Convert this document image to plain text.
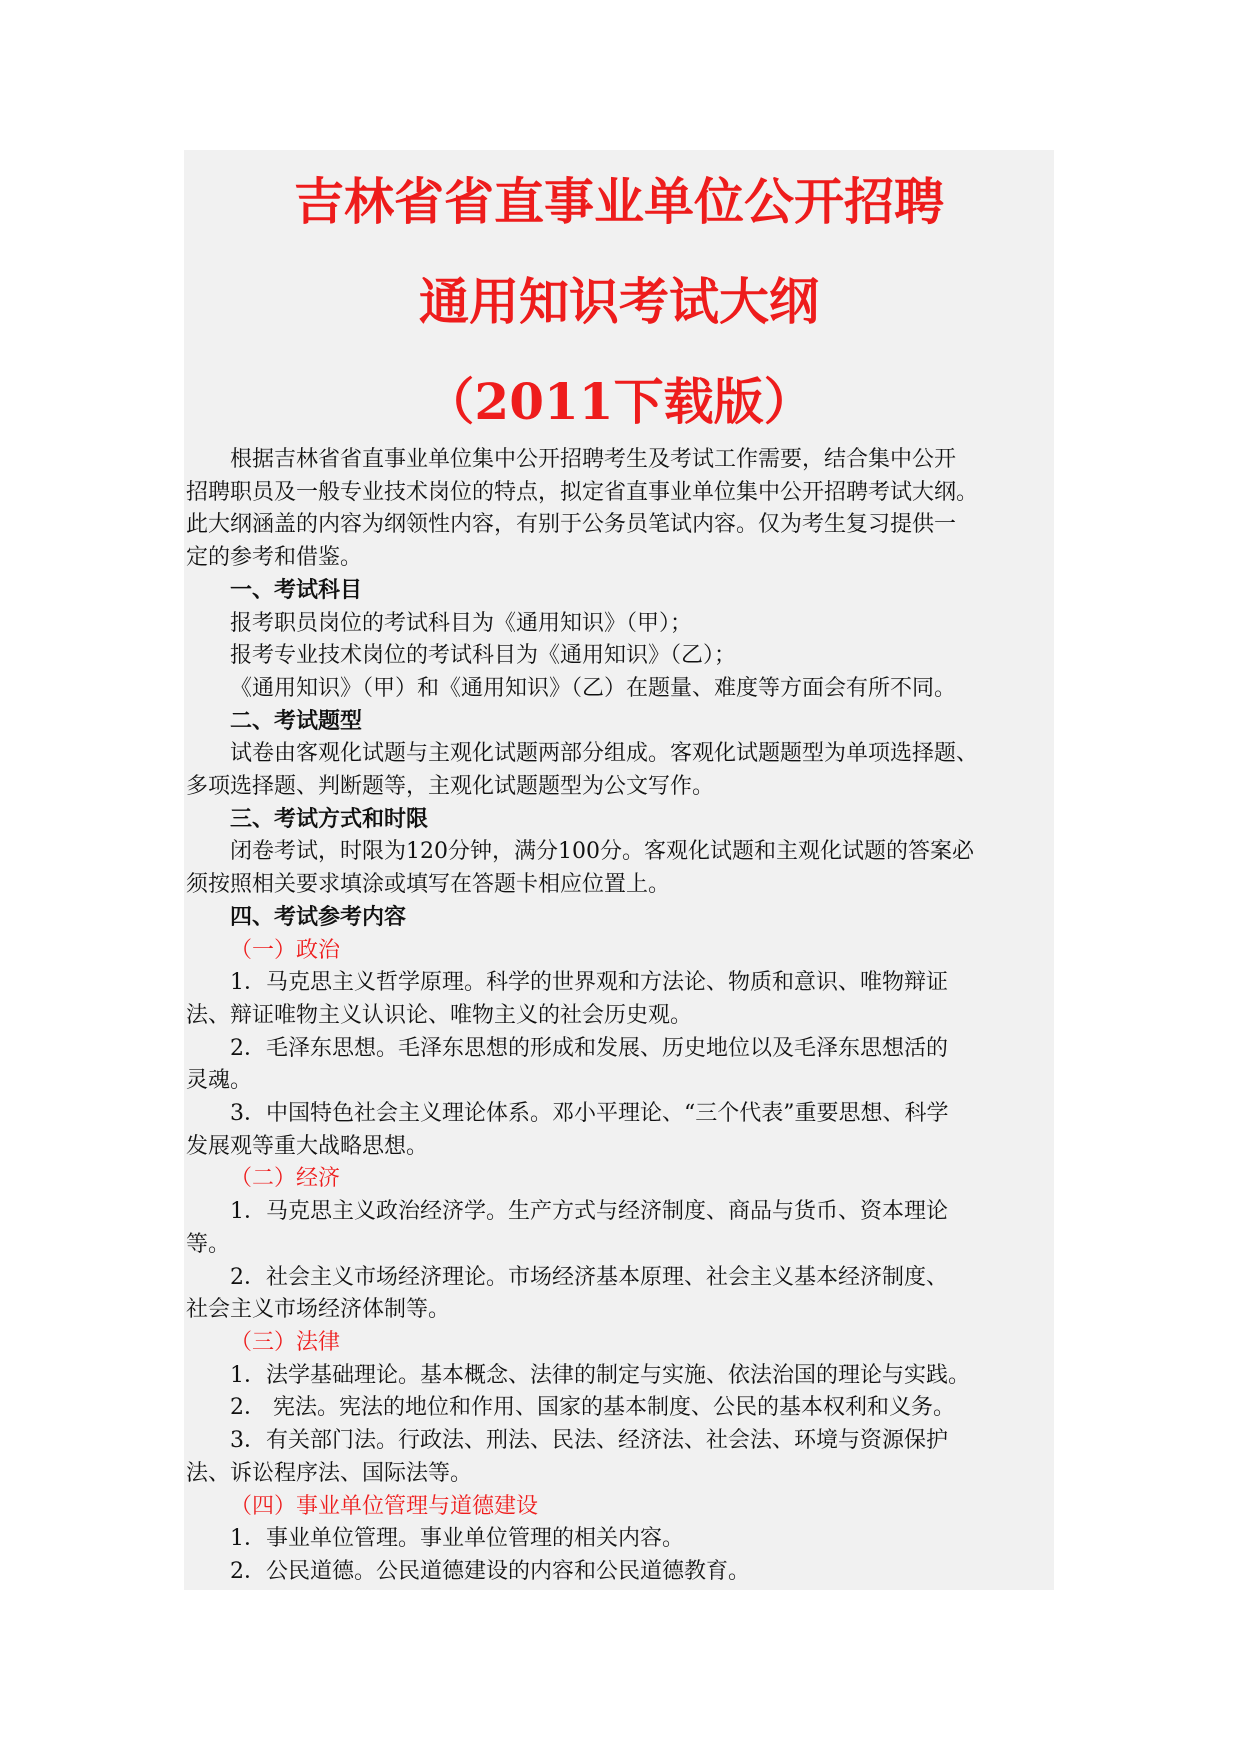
吉林省省直事业单位公开招聘
通用知识考试大纲
（2011下载版）

根据吉林省省直事业单位集中公开招聘考生及考试工作需要，结合集中公开

招聘职员及一般专业技术岗位的特点，拟定省直事业单位集中公开招聘考试大纲。

此大纲涵盖的内容为纲领性内容，有别于公务员笔试内容。仅为考生复习提供一

定的参考和借鉴。

一、考试科目

报考职员岗位的考试科目为《通用知识》（甲）；

报考专业技术岗位的考试科目为《通用知识》（乙）；

《通用知识》（甲）和《通用知识》（乙）在题量、难度等方面会有所不同。

二、考试题型

试卷由客观化试题与主观化试题两部分组成。客观化试题题型为单项选择题、

多项选择题、判断题等，主观化试题题型为公文写作。

三、考试方式和时限

闭卷考试，时限为120分钟，满分100分。客观化试题和主观化试题的答案必

须按照相关要求填涂或填写在答题卡相应位置上。

四、考试参考内容

（一）政治

1．马克思主义哲学原理。科学的世界观和方法论、物质和意识、唯物辩证

法、辩证唯物主义认识论、唯物主义的社会历史观。

2．毛泽东思想。毛泽东思想的形成和发展、历史地位以及毛泽东思想活的

灵魂。

3．中国特色社会主义理论体系。邓小平理论、“三个代表”重要思想、科学

发展观等重大战略思想。

（二）经济

1．马克思主义政治经济学。生产方式与经济制度、商品与货币、资本理论

等。

2．社会主义市场经济理论。市场经济基本原理、社会主义基本经济制度、

社会主义市场经济体制等。

（三）法律

1．法学基础理论。基本概念、法律的制定与实施、依法治国的理论与实践。

2． 宪法。宪法的地位和作用、国家的基本制度、公民的基本权利和义务。

3．有关部门法。行政法、刑法、民法、经济法、社会法、环境与资源保护

法、诉讼程序法、国际法等。

（四）事业单位管理与道德建设

1．事业单位管理。事业单位管理的相关内容。

2．公民道德。公民道德建设的内容和公民道德教育。
